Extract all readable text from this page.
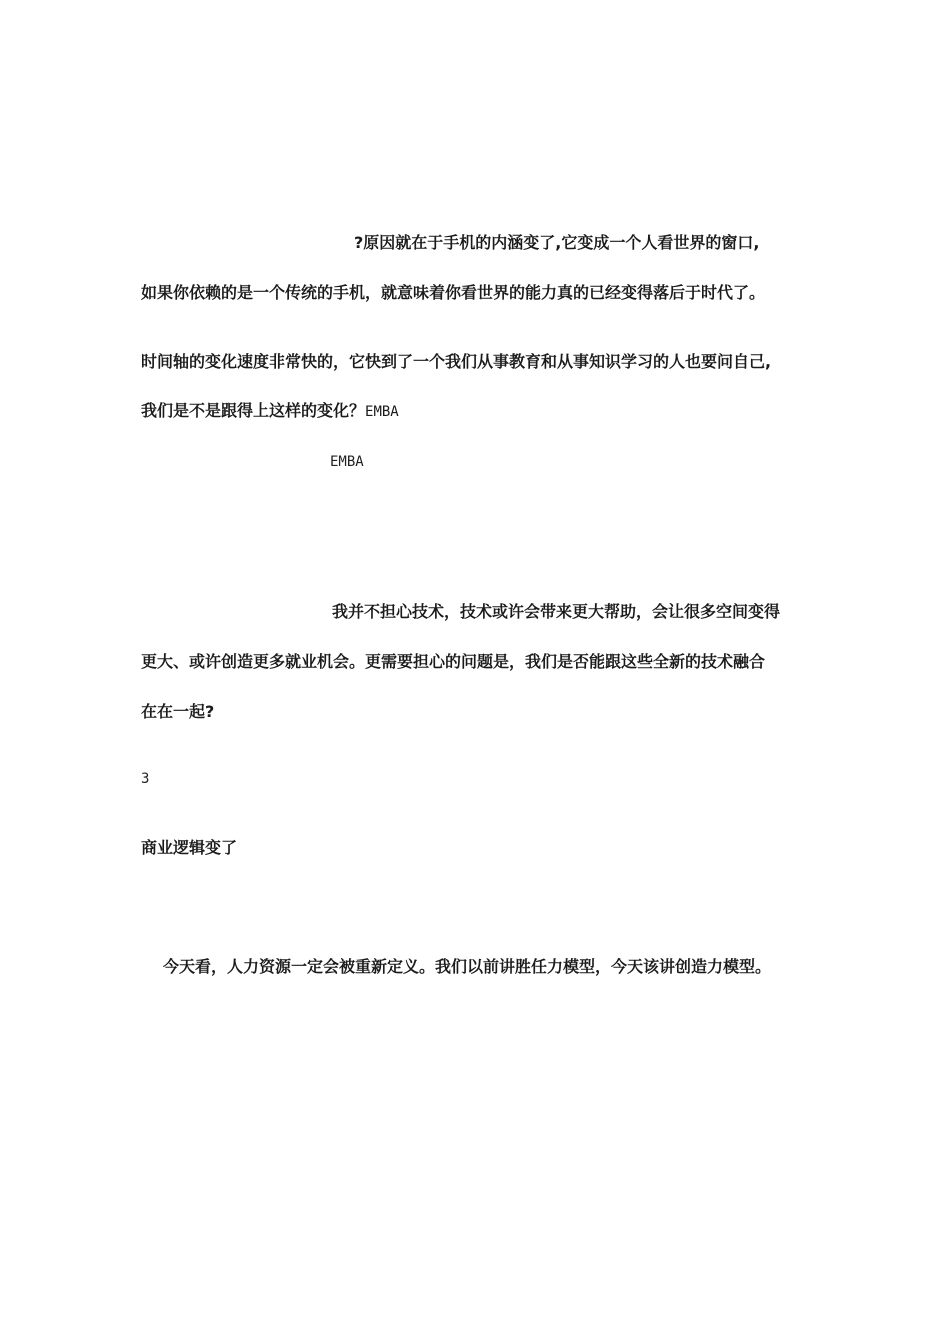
?原因就在于手机的内涵变了,它变成一个人看世界的窗口,
如果你依赖的是一个传统的手机，就意味着你看世界的能力真的已经变得落后于时代了。
时间轴的变化速度非常快的，它快到了一个我们从事教育和从事知识学习的人也要问自己,
我们是不是跟得上这样的变化？EMBA
EMBA
我并不担心技术，技术或许会带来更大帮助，会让很多空间变得
更大、或许创造更多就业机会。更需要担心的问题是，我们是否能跟这些全新的技术融合
在在一起?
3
商业逻辑变了
今天看，人力资源一定会被重新定义。我们以前讲胜任力模型，今天该讲创造力模型。
